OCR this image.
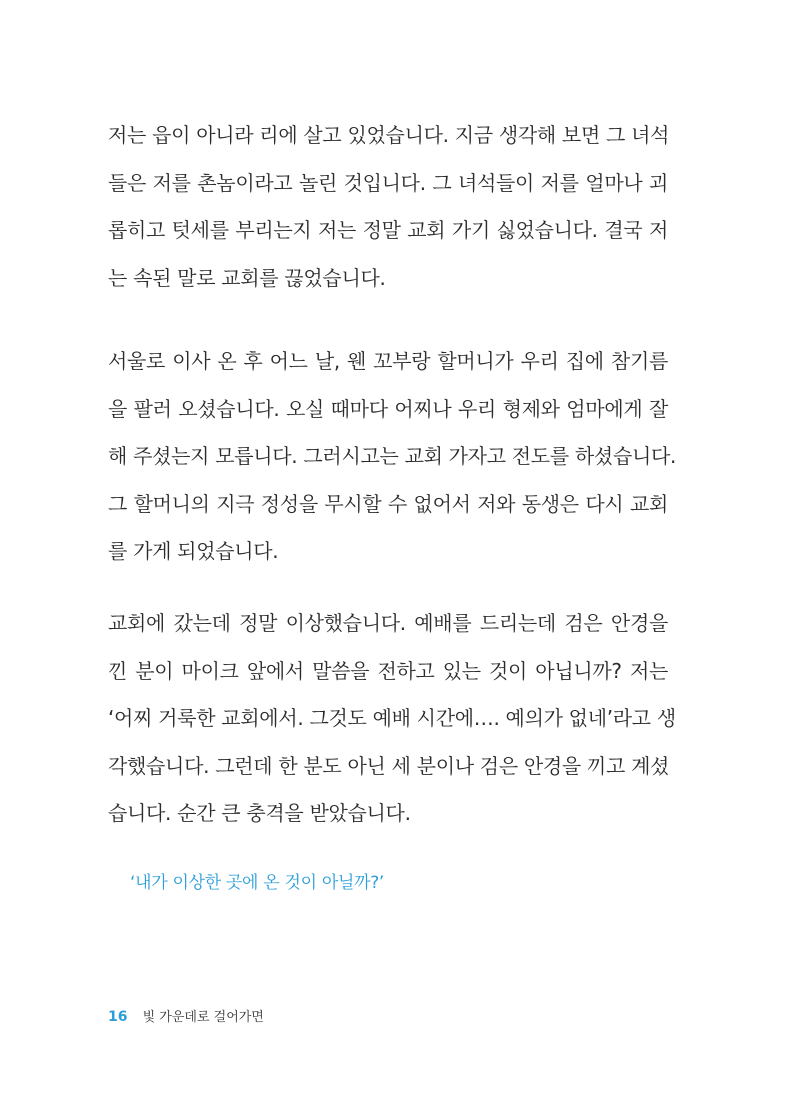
저는 읍이 아니라 리에 살고 있었습니다. 지금 생각해 보면 그 녀석
들은 저를 촌놈이라고 놀린 것입니다. 그 녀석들이 저를 얼마나 괴
롭히고 텃세를 부리는지 저는 정말 교회 가기 싫었습니다. 결국 저
는 속된 말로 교회를 끊었습니다.
서울로 이사 온 후 어느 날, 웬 꼬부랑 할머니가 우리 집에 참기름
을 팔러 오셨습니다. 오실 때마다 어찌나 우리 형제와 엄마에게 잘
해 주셨는지 모릅니다. 그러시고는 교회 가자고 전도를 하셨습니다.
그 할머니의 지극 정성을 무시할 수 없어서 저와 동생은 다시 교회
를 가게 되었습니다.
교회에 갔는데 정말 이상했습니다. 예배를 드리는데 검은 안경을
낀 분이 마이크 앞에서 말씀을 전하고 있는 것이 아닙니까? 저는
‘어찌 거룩한 교회에서. 그것도 예배 시간에…. 예의가 없네’라고 생
각했습니다. 그런데 한 분도 아닌 세 분이나 검은 안경을 끼고 계셨
습니다. 순간 큰 충격을 받았습니다.
‘내가 이상한 곳에 온 것이 아닐까?’
16 빛 가운데로 걸어가면
